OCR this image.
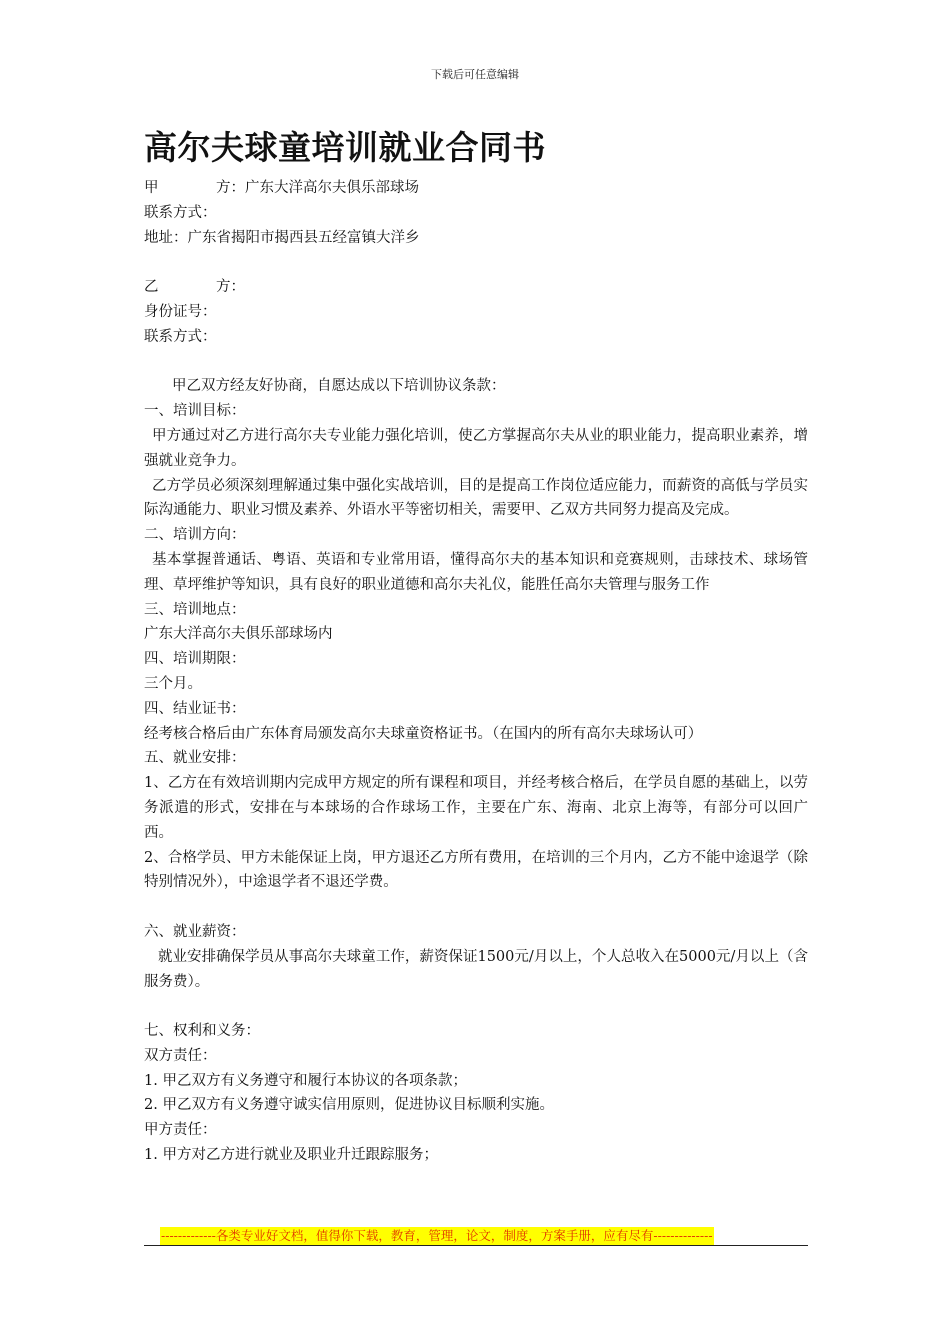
下载后可任意编辑
高尔夫球童培训就业合同书

甲	方：广东大洋高尔夫俱乐部球场

联系方式：

地址：广东省揭阳市揭西县五经富镇大洋乡

乙	方：

身份证号：

联系方式：

甲乙双方经友好协商，自愿达成以下培训协议条款：

一、培训目标：

甲方通过对乙方进行高尔夫专业能力强化培训，使乙方掌握高尔夫从业的职业能力，提高职业素养，增强就业竞争力。

乙方学员必须深刻理解通过集中强化实战培训，目的是提高工作岗位适应能力，而薪资的高低与学员实际沟通能力、职业习惯及素养、外语水平等密切相关，需要甲、乙双方共同努力提高及完成。

二、培训方向：

基本掌握普通话、粤语、英语和专业常用语，懂得高尔夫的基本知识和竞赛规则，击球技术、球场管理、草坪维护等知识，具有良好的职业道德和高尔夫礼仪，能胜任高尔夫管理与服务工作

三、培训地点：

广东大洋高尔夫俱乐部球场内

四、培训期限：

三个月。

四、结业证书：

经考核合格后由广东体育局颁发高尔夫球童资格证书。（在国内的所有高尔夫球场认可）

五、就业安排：

1、乙方在有效培训期内完成甲方规定的所有课程和项目，并经考核合格后，在学员自愿的基础上，以劳务派遣的形式，安排在与本球场的合作球场工作，主要在广东、海南、北京上海等，有部分可以回广西。

2、合格学员、甲方未能保证上岗，甲方退还乙方所有费用，在培训的三个月内，乙方不能中途退学（除特别情况外），中途退学者不退还学费。

六、就业薪资：

就业安排确保学员从事高尔夫球童工作，薪资保证1500元/月以上，个人总收入在5000元/月以上（含服务费）。

七、权利和义务：

双方责任：

1. 甲乙双方有义务遵守和履行本协议的各项条款；

2. 甲乙双方有义务遵守诚实信用原则，促进协议目标顺利实施。

甲方责任：

1. 甲方对乙方进行就业及职业升迁跟踪服务；

-------------各类专业好文档，值得你下载，教育，管理，论文，制度，方案手册，应有尽有--------------
